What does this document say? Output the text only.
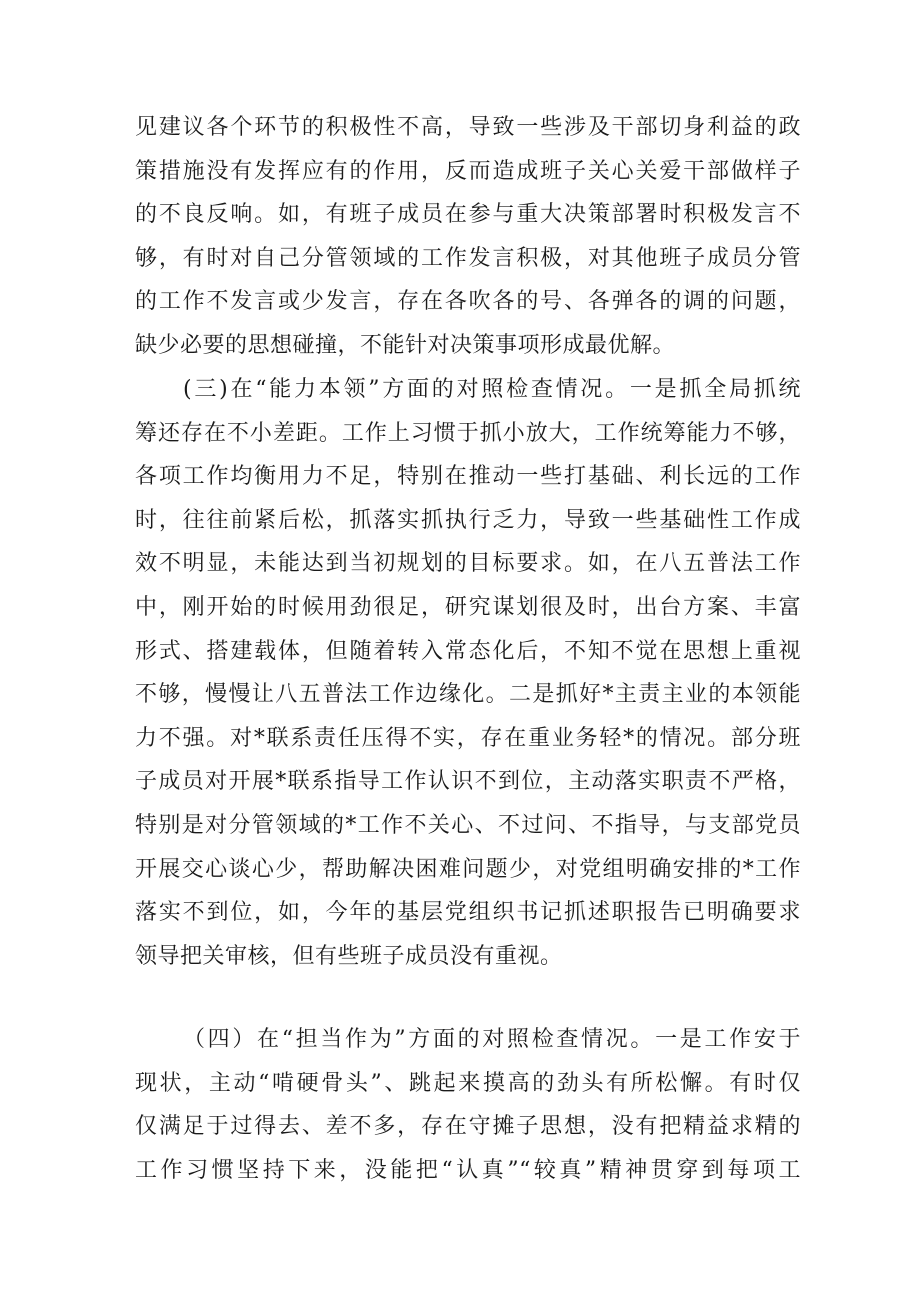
见建议各个环节的积极性不高，导致一些涉及干部切身利益的政
策措施没有发挥应有的作用，反而造成班子关心关爱干部做样子
的不良反响。如，有班子成员在参与重大决策部署时积极发言不
够，有时对自己分管领域的工作发言积极，对其他班子成员分管
的工作不发言或少发言，存在各吹各的号、各弹各的调的问题，
缺少必要的思想碰撞，不能针对决策事项形成最优解。
(三)在“能力本领”方面的对照检查情况。一是抓全局抓统
筹还存在不小差距。工作上习惯于抓小放大，工作统筹能力不够，
各项工作均衡用力不足，特别在推动一些打基础、利长远的工作
时，往往前紧后松，抓落实抓执行乏力，导致一些基础性工作成
效不明显，未能达到当初规划的目标要求。如，在八五普法工作
中，刚开始的时候用劲很足，研究谋划很及时，出台方案、丰富
形式、搭建载体，但随着转入常态化后，不知不觉在思想上重视
不够，慢慢让八五普法工作边缘化。二是抓好*主责主业的本领能
力不强。对*联系责任压得不实，存在重业务轻*的情况。部分班
子成员对开展*联系指导工作认识不到位，主动落实职责不严格，
特别是对分管领域的*工作不关心、不过问、不指导，与支部党员
开展交心谈心少，帮助解决困难问题少，对党组明确安排的*工作
落实不到位，如，今年的基层党组织书记抓述职报告已明确要求
领导把关审核，但有些班子成员没有重视。
（四）在“担当作为”方面的对照检查情况。一是工作安于
现状，主动“啃硬骨头”、跳起来摸高的劲头有所松懈。有时仅
仅满足于过得去、差不多，存在守摊子思想，没有把精益求精的
工作习惯坚持下来，没能把“认真”“较真”精神贯穿到每项工
